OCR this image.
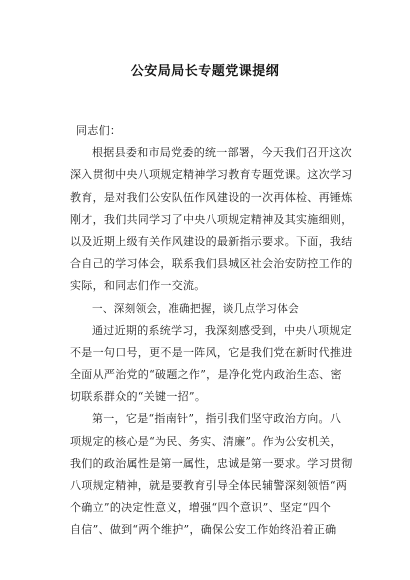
公安局局长专题党课提纲
同志们：
根据县委和市局党委的统一部署，今天我们召开这次
深入贯彻中央八项规定精神学习教育专题党课。这次学习
教育，是对我们公安队伍作风建设的一次再体检、再锤炼
刚才，我们共同学习了中央八项规定精神及其实施细则，
以及近期上级有关作风建设的最新指示要求。下面，我结
合自己的学习体会，联系我们县城区社会治安防控工作的
实际，和同志们作一交流。
一、深刻领会，准确把握，谈几点学习体会
通过近期的系统学习，我深刻感受到，中央八项规定
不是一句口号，更不是一阵风，它是我们党在新时代推进
全面从严治党的“破题之作”，是净化党内政治生态、密
切联系群众的“关键一招”。
第一，它是“指南针”，指引我们坚守政治方向。八
项规定的核心是“为民、务实、清廉”。作为公安机关，
我们的政治属性是第一属性，忠诚是第一要求。学习贯彻
八项规定精神，就是要教育引导全体民辅警深刻领悟“两
个确立”的决定性意义，增强“四个意识”、坚定“四个
自信”、做到“两个维护”，确保公安工作始终沿着正确
